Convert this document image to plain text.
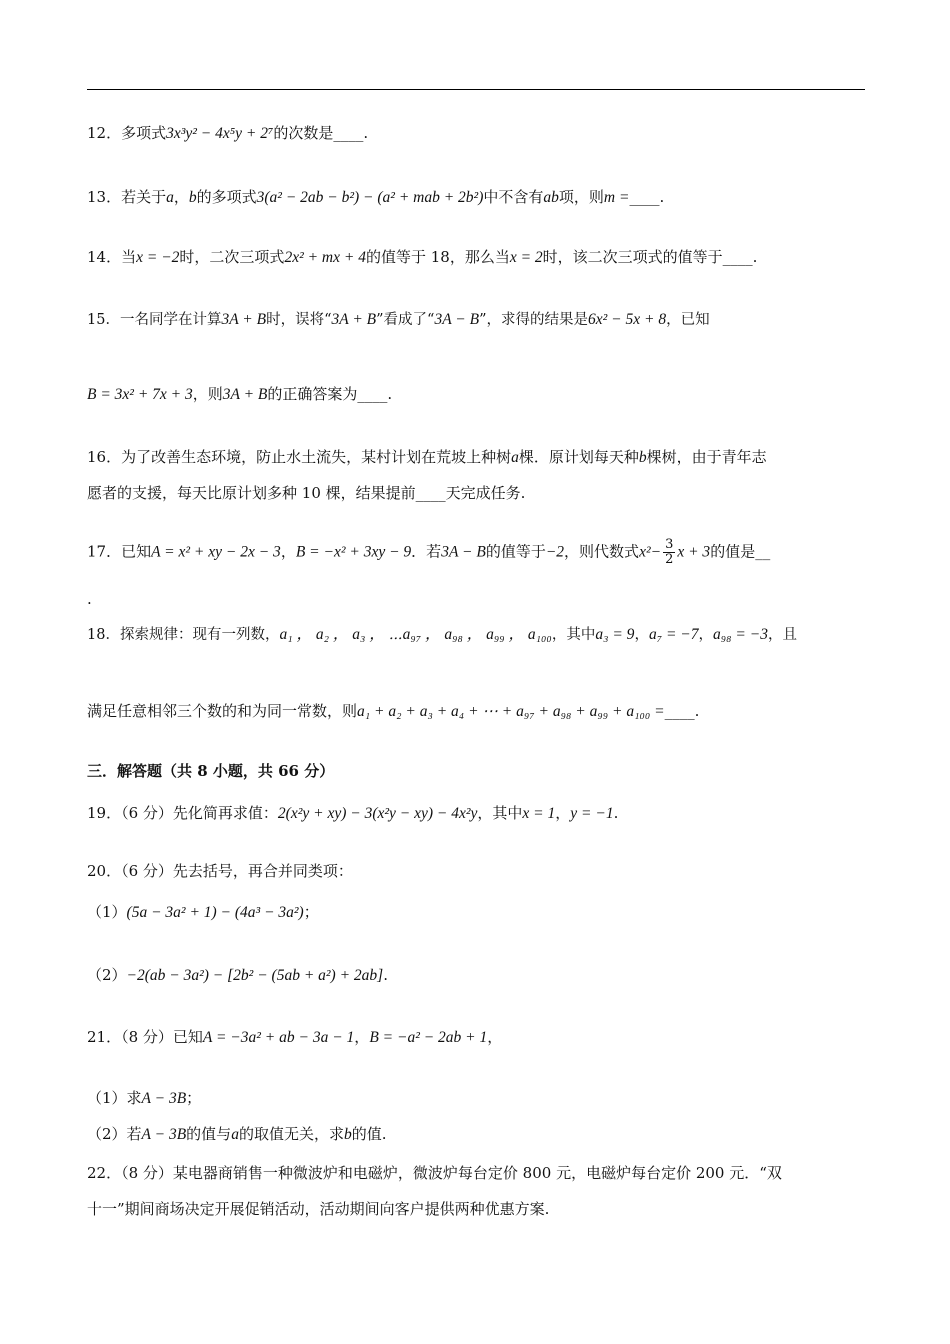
12．多项式3x³y² − 4x⁵y + 2⁷的次数是____.
13．若关于a，b的多项式3(a² − 2ab − b²) − (a² + mab + 2b²)中不含有ab项，则m =____.
14．当x = −2时，二次三项式2x² + mx + 4的值等于 18，那么当x = 2时，该二次三项式的值等于____.
15．一名同学在计算3A + B时，误将“3A + B”看成了“3A − B”，求得的结果是6x² − 5x + 8，已知
B = 3x² + 7x + 3，则3A + B的正确答案为____.
16．为了改善生态环境，防止水土流失，某村计划在荒坡上种树a棵．原计划每天种b棵树，由于青年志
愿者的支援，每天比原计划多种 10 棵，结果提前____天完成任务.
17．已知A = x² + xy − 2x − 3，B = −x² + 3xy − 9．若3A − B的值等于−2，则代数式$x^2- \frac{3}{2}$ x + 3的值是__
.
18．探索规律：现有一列数，a₁ ， a₂ ， a₃ ， ⋯a₉₇ ， a₉₈ ， a₉₉ ， a₁₀₀，其中a₃ = 9，a₇ = −7，a₉₈ = −3，且
满足任意相邻三个数的和为同一常数，则a₁ + a₂ + a₃ + a₄ + ⋯ + a₉₇ + a₉₈ + a₉₉ + a₁₀₀ =____.
三．解答题（共 8 小题，共 66 分）
19．（6 分）先化简再求值：2(x²y + xy) − 3(x²y − xy) − 4x²y，其中x = 1，y = −1.
20．（6 分）先去括号，再合并同类项：
（1）(5a − 3a² + 1) − (4a³ − 3a²)；
（2）−2(ab − 3a²) − [2b² − (5ab + a²) + 2ab].
21．（8 分）已知A = −3a² + ab − 3a − 1，B = −a² − 2ab + 1，
（1）求A − 3B；
（2）若A − 3B的值与a的取值无关，求b的值.
22．（8 分）某电器商销售一种微波炉和电磁炉，微波炉每台定价 800 元，电磁炉每台定价 200 元．“双
十一”期间商场决定开展促销活动，活动期间向客户提供两种优惠方案.
